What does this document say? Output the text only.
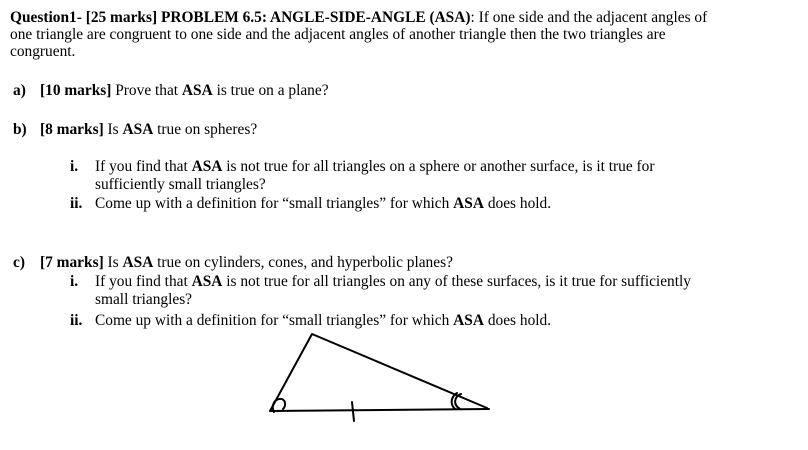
Question1- [25 marks] PROBLEM 6.5: ANGLE-SIDE-ANGLE (ASA): If one side and the adjacent angles of
one triangle are congruent to one side and the adjacent angles of another triangle then the two triangles are
congruent.
a) [10 marks] Prove that ASA is true on a plane?
b) [8 marks] Is ASA true on spheres?
i. If you find that ASA is not true for all triangles on a sphere or another surface, is it true for
sufficiently small triangles?
ii. Come up with a definition for “small triangles” for which ASA does hold.
c) [7 marks] Is ASA true on cylinders, cones, and hyperbolic planes?
i. If you find that ASA is not true for all triangles on any of these surfaces, is it true for sufficiently
small triangles?
ii. Come up with a definition for “small triangles” for which ASA does hold.
